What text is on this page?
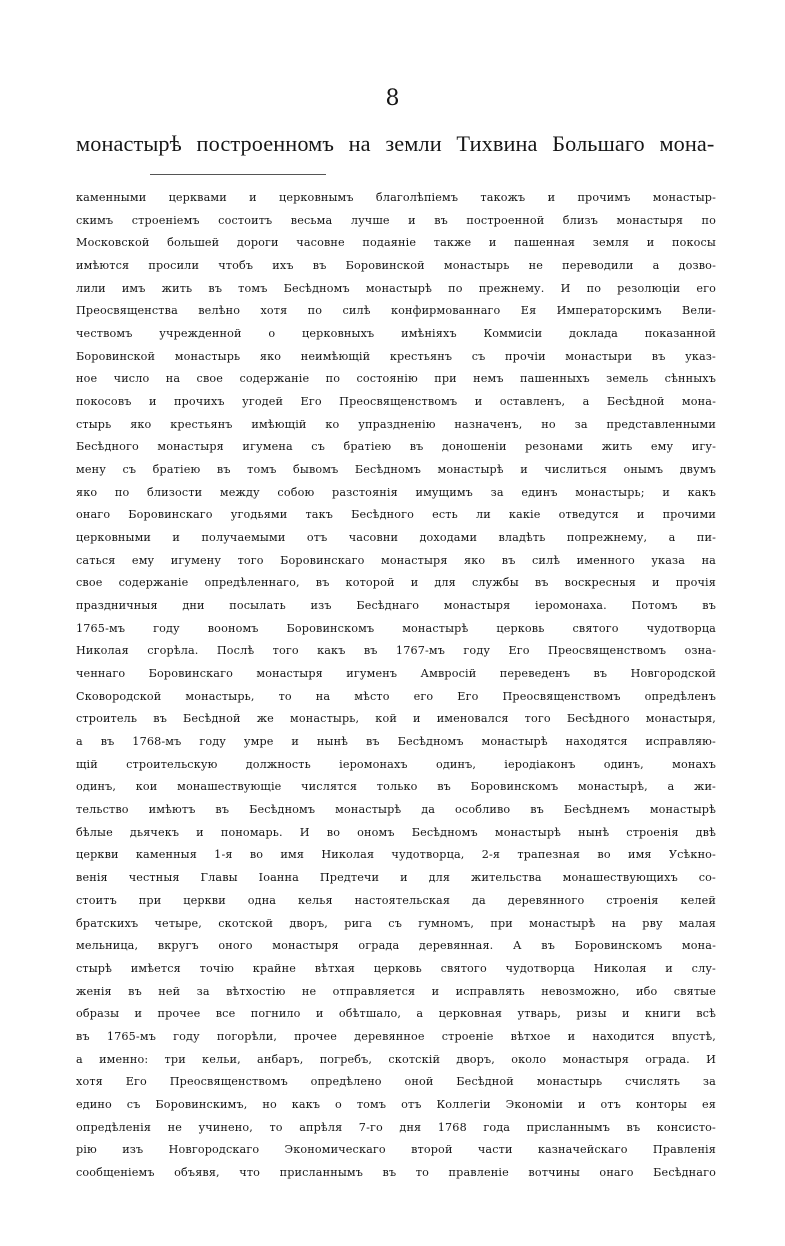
8
монастырѣ построенномъ на земли Тихвина Большаго мона-
каменными церквами и церковнымъ благолѣпіемъ такожъ и прочимъ монастыр-
скимъ строеніемъ состоитъ весьма лучше и въ построенной близъ монастыря по
Московской большей дороги часовне подаяніе также и пашенная земля и покосы
имѣются просили чтобъ ихъ въ Боровинской монастырь не переводили а дозво-
лили имъ жить въ томъ Бесѣдномъ монастырѣ по прежнему. И по резолюціи его
Преосвященства велѣно хотя по силѣ конфирмованнаго Ея Императорскимъ Вели-
чествомъ учрежденной о церковныхъ имѣніяхъ Коммисіи доклада показанной
Боровинской монастырь яко неимѣющій крестьянъ съ прочіи монастыри въ указ-
ное число на свое содержаніе по состоянію при немъ пашенныхъ земель сѣнныхъ
покосовъ и прочихъ угодей Его Преосвященствомъ и оставленъ, а Бесѣдной мона-
стырь яко крестьянъ имѣющій ко упраздненію назначенъ, но за представленными
Бесѣдного монастыря игумена съ братіею въ доношеніи резонами жить ему игу-
мену съ братіею въ томъ бывомъ Бесѣдномъ монастырѣ и числиться онымъ двумъ
яко по близости между собою разстоянія имущимъ за единъ монастырь; и какъ
онаго Боровинскаго угодьями такъ Бесѣдного есть ли какіе отведутся и прочими
церковными и получаемыми отъ часовни доходами владѣть попрежнему, а пи-
саться ему игумену того Боровинскаго монастыря яко въ силѣ именного указа на
свое содержаніе опредѣленнаго, въ которой и для службы въ воскресныя и прочія
праздничныя дни посылать изъ Бесѣднаго монастыря іеромонаха. Потомъ въ
1765-мъ году воономъ Боровинскомъ монастырѣ церковь святого чудотворца
Николая сгорѣла. Послѣ того какъ въ 1767-мъ году Его Преосвященствомъ озна-
ченнаго Боровинскаго монастыря игуменъ Амвросій переведенъ въ Новгородской
Сковородской монастырь, то на мѣсто его Его Преосвященствомъ опредѣленъ
строитель въ Бесѣдной же монастырь, кой и именовался того Бесѣдного монастыря,
а въ 1768-мъ году умре и нынѣ въ Бесѣдномъ монастырѣ находятся исправляю-
щій строительскую должность іеромонахъ одинъ, іеродіаконъ одинъ, монахъ
одинъ, кои монашествующіе числятся только въ Боровинскомъ монастырѣ, а жи-
тельство имѣютъ въ Бесѣдномъ монастырѣ да особливо въ Бесѣднемъ монастырѣ
бѣлые дьячекъ и пономарь. И во ономъ Бесѣдномъ монастырѣ нынѣ строенія двѣ
церкви каменныя 1-я во имя Николая чудотворца, 2-я трапезная во имя Усѣкно-
венія честныя Главы Іоанна Предтечи и для жительства монашествующихъ со-
стоитъ при церкви одна келья настоятельская да деревянного строенія келей
братскихъ четыре, скотской дворъ, рига съ гумномъ, при монастырѣ на рву малая
мельница, вкругъ оного монастыря ограда деревянная. А въ Боровинскомъ мона-
стырѣ имѣется точію крайне вѣтхая церковь святого чудотворца Николая и слу-
женія въ ней за вѣтхостію не отправляется и исправлять невозможно, ибо святые
образы и прочее все погнило и обѣтшало, а церковная утварь, ризы и книги всѣ
въ 1765-мъ году погорѣли, прочее деревянное строеніе вѣтхое и находится впустѣ,
а именно: три кельи, анбаръ, погребъ, скотскій дворъ, около монастыря ограда. И
хотя Его Преосвященствомъ опредѣлено оной Бесѣдной монастырь счислять за
едино съ Боровинскимъ, но какъ о томъ отъ Коллегіи Экономіи и отъ конторы ея
опредѣленія не учинено, то апрѣля 7-го дня 1768 года присланнымъ въ консисто-
рію изъ Новгородскаго Экономическаго второй части казначейскаго Правленія
сообщеніемъ объявя, что присланнымъ въ то правленіе вотчины онаго Бесѣднаго
